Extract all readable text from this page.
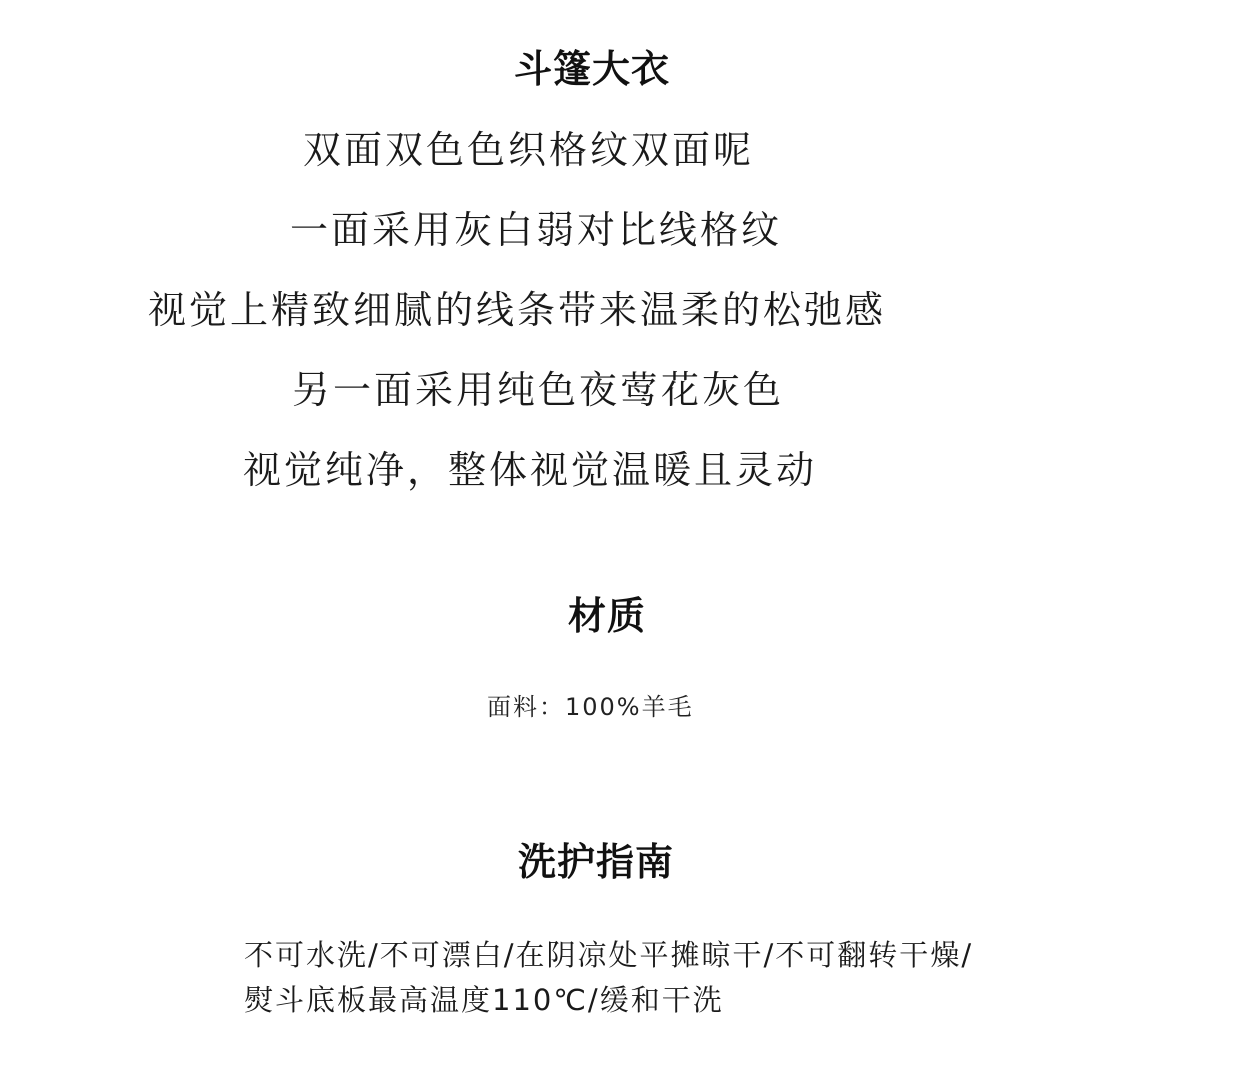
斗篷大衣
双面双色色织格纹双面呢
一面采用灰白弱对比线格纹
视觉上精致细腻的线条带来温柔的松弛感
另一面采用纯色夜莺花灰色
视觉纯净，整体视觉温暖且灵动
材质
面料：100%羊毛
洗护指南
不可水洗/不可漂白/在阴凉处平摊晾干/不可翻转干燥/
熨斗底板最高温度110℃/缓和干洗
